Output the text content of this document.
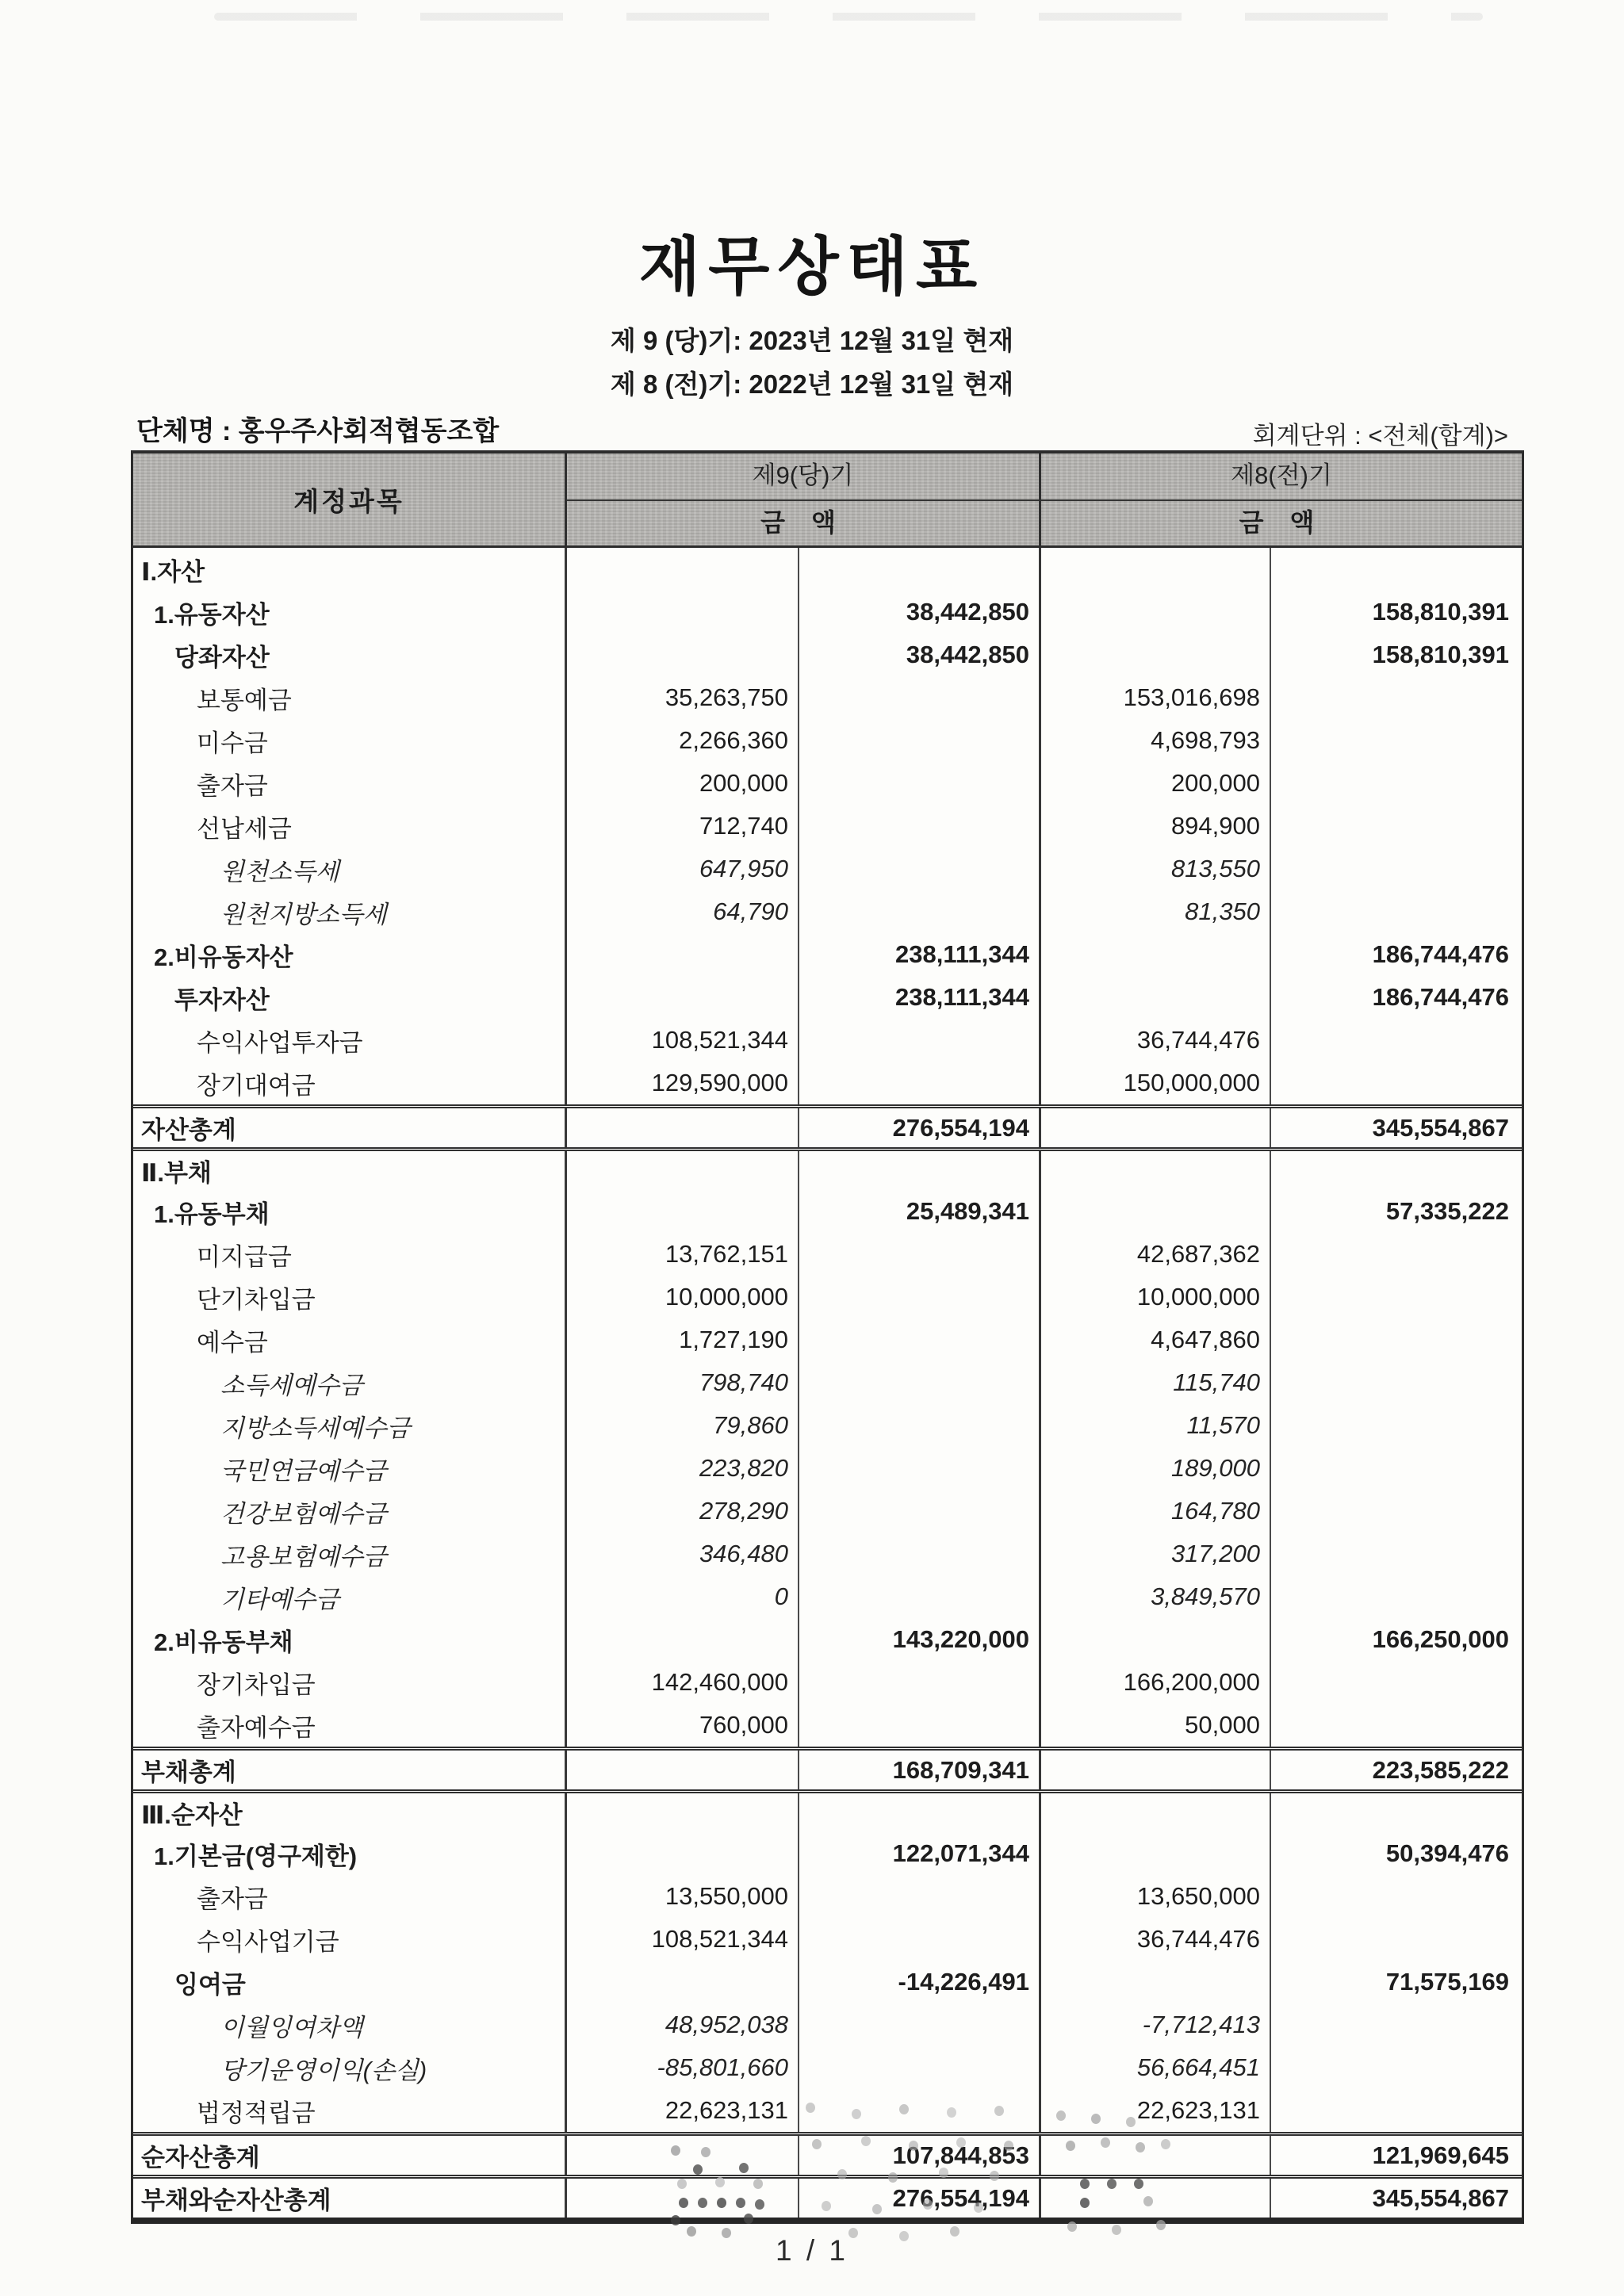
재무상태표
제 9 (당)기: 2023년 12월 31일 현재
제 8 (전)기: 2022년 12월 31일 현재
단체명 : 홍우주사회적협동조합	회계단위 : <전체(합계)>
계정과목
제9(당)기
금 액
제8(전)기
금 액
Ⅰ.자산
1.유동자산	38,442,850	158,810,391
당좌자산	38,442,850	158,810,391
보통예금	35,263,750	153,016,698
미수금	2,266,360	4,698,793
출자금	200,000	200,000
선납세금	712,740	894,900
원천소득세	647,950	813,550
원천지방소득세	64,790	81,350
2.비유동자산	238,111,344	186,744,476
투자자산	238,111,344	186,744,476
수익사업투자금	108,521,344	36,744,476
장기대여금	129,590,000	150,000,000
자산총계	276,554,194	345,554,867
Ⅱ.부채
1.유동부채	25,489,341	57,335,222
미지급금	13,762,151	42,687,362
단기차입금	10,000,000	10,000,000
예수금	1,727,190	4,647,860
소득세예수금	798,740	115,740
지방소득세예수금	79,860	11,570
국민연금예수금	223,820	189,000
건강보험예수금	278,290	164,780
고용보험예수금	346,480	317,200
기타예수금	0	3,849,570
2.비유동부채	143,220,000	166,250,000
장기차입금	142,460,000	166,200,000
출자예수금	760,000	50,000
부채총계	168,709,341	223,585,222
Ⅲ.순자산
1.기본금(영구제한)	122,071,344	50,394,476
출자금	13,550,000	13,650,000
수익사업기금	108,521,344	36,744,476
잉여금	-14,226,491	71,575,169
이월잉여차액	48,952,038	-7,712,413
당기운영이익(손실)	-85,801,660	56,664,451
법정적립금	22,623,131	22,623,131
순자산총계	107,844,853	121,969,645
부채와순자산총계	276,554,194	345,554,867
1 / 1
